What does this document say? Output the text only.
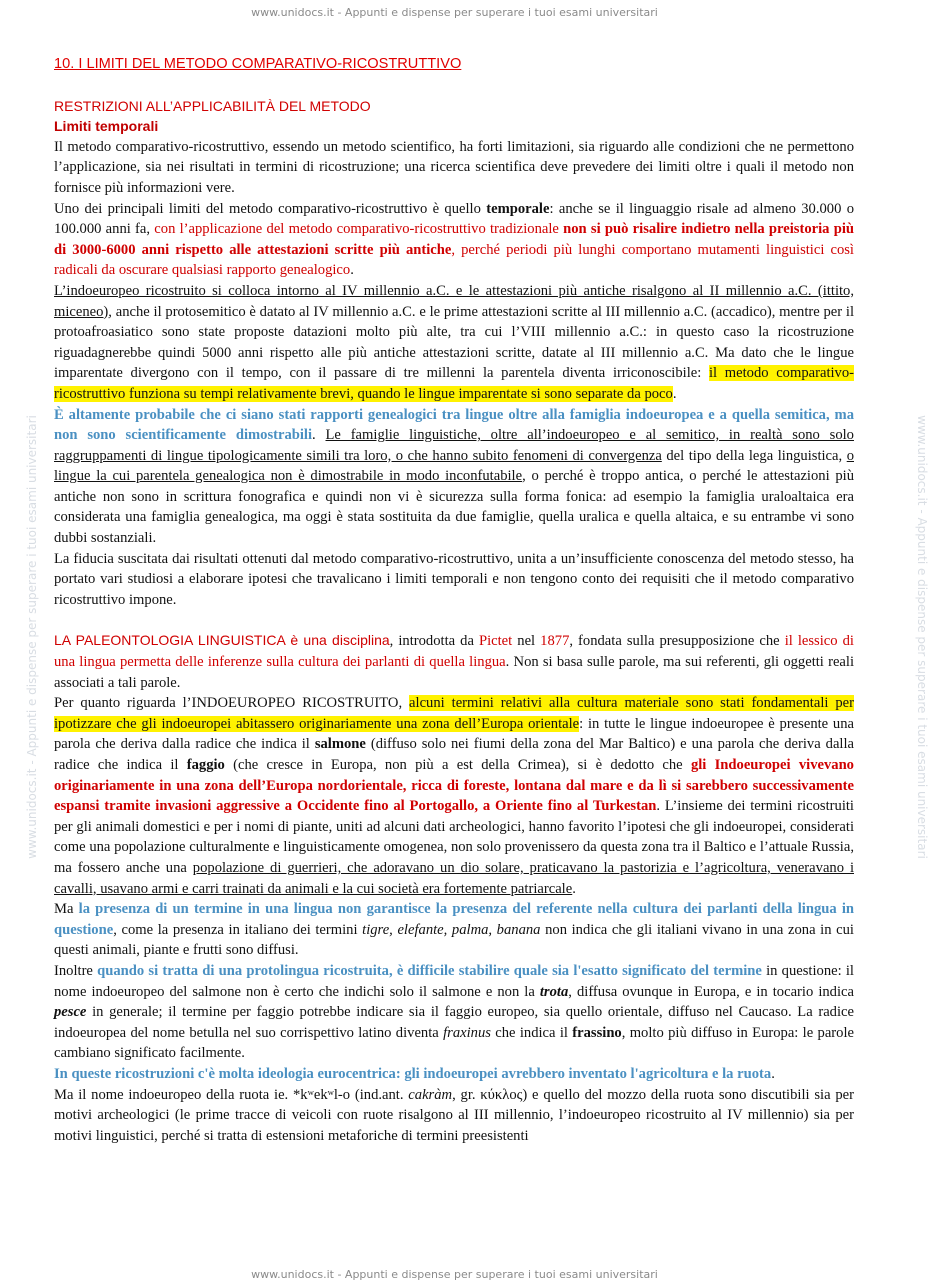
www.unidocs.it - Appunti e dispense per superare i tuoi esami universitari
www.unidocs.it - Appunti e dispense per superare i tuoi esami universitari
www.unidocs.it - Appunti e dispense per superare i tuoi esami universitari	www.unidocs.it - Appunti e dispense per superare i tuoi esami universitari

10. I LIMITI DEL METODO COMPARATIVO-RICOSTRUTTIVO

RESTRIZIONI ALL’APPLICABILITÀ DEL METODO

Limiti temporali

Il metodo comparativo-ricostruttivo, essendo un metodo scientifico, ha forti limitazioni, sia riguardo alle condizioni che ne permettono l’applicazione, sia nei risultati in termini di ricostruzione; una ricerca scientifica deve prevedere dei limiti oltre i quali il metodo non fornisce più informazioni vere.

Uno dei principali limiti del metodo comparativo-ricostruttivo è quello temporale: anche se il linguaggio risale ad almeno 30.000 o 100.000 anni fa, con l’applicazione del metodo comparativo-ricostruttivo tradizionale non si può risalire indietro nella preistoria più di 3000-6000 anni rispetto alle attestazioni scritte più antiche, perché periodi più lunghi comportano mutamenti linguistici così radicali da oscurare qualsiasi rapporto genealogico.

L’indoeuropeo ricostruito si colloca intorno al IV millennio a.C. e le attestazioni più antiche risalgono al II millennio a.C. (ittito, miceneo), anche il protosemitico è datato al IV millennio a.C. e le prime attestazioni scritte al III millennio a.C. (accadico), mentre per il protoafroasiatico sono state proposte datazioni molto più alte, tra cui l’VIII millennio a.C.: in questo caso la ricostruzione riguadagnerebbe quindi 5000 anni rispetto alle più antiche attestazioni scritte, datate al III millennio a.C. Ma dato che le lingue imparentate divergono con il tempo, con il passare di tre millenni la parentela diventa irriconoscibile: il metodo comparativo-ricostruttivo funziona su tempi relativamente brevi, quando le lingue imparentate si sono separate da poco.

È altamente probabile che ci siano stati rapporti genealogici tra lingue oltre alla famiglia indoeuropea e a quella semitica, ma non sono scientificamente dimostrabili. Le famiglie linguistiche, oltre all’indoeuropeo e al semitico, in realtà sono solo raggruppamenti di lingue tipologicamente simili tra loro, o che hanno subito fenomeni di convergenza del tipo della lega linguistica, o lingue la cui parentela genealogica non è dimostrabile in modo inconfutabile, o perché è troppo antica, o perché le attestazioni più antiche non sono in scrittura fonografica e quindi non vi è sicurezza sulla forma fonica: ad esempio la famiglia uraloaltaica era considerata una famiglia genealogica, ma oggi è stata sostituita da due famiglie, quella uralica e quella altaica, e su entrambe vi sono dubbi sostanziali.

La fiducia suscitata dai risultati ottenuti dal metodo comparativo-ricostruttivo, unita a un’insufficiente conoscenza del metodo stesso, ha portato vari studiosi a elaborare ipotesi che travalicano i limiti temporali e non tengono conto dei requisiti che il metodo comparativo ricostruttivo impone.

LA PALEONTOLOGIA LINGUISTICA è una disciplina, introdotta da Pictet nel 1877, fondata sulla presupposizione che il lessico di una lingua permetta delle inferenze sulla cultura dei parlanti di quella lingua. Non si basa sulle parole, ma sui referenti, gli oggetti reali associati a tali parole.

Per quanto riguarda l’INDOEUROPEO RICOSTRUITO, alcuni termini relativi alla cultura materiale sono stati fondamentali per ipotizzare che gli indoeuropei abitassero originariamente una zona dell’Europa orientale: in tutte le lingue indoeuropee è presente una parola che deriva dalla radice che indica il salmone (diffuso solo nei fiumi della zona del Mar Baltico) e una parola che deriva dalla radice che indica il faggio (che cresce in Europa, non più a est della Crimea), si è dedotto che gli Indoeuropei vivevano originariamente in una zona dell’Europa nordorientale, ricca di foreste, lontana dal mare e da lì si sarebbero successivamente espansi tramite invasioni aggressive a Occidente fino al Portogallo, a Oriente fino al Turkestan. L’insieme dei termini ricostruiti per gli animali domestici e per i nomi di piante, uniti ad alcuni dati archeologici, hanno favorito l’ipotesi che gli indoeuropei, considerati come una popolazione culturalmente e linguisticamente omogenea, non solo provenissero da questa zona tra il Baltico e l’attuale Russia, ma fossero anche una popolazione di guerrieri, che adoravano un dio solare, praticavano la pastorizia e l’agricoltura, veneravano i cavalli, usavano armi e carri trainati da animali e la cui società era fortemente patriarcale.

Ma la presenza di un termine in una lingua non garantisce la presenza del referente nella cultura dei parlanti della lingua in questione, come la presenza in italiano dei termini tigre, elefante, palma, banana non indica che gli italiani vivano in una zona in cui questi animali, piante e frutti sono diffusi.

Inoltre quando si tratta di una protolingua ricostruita, è difficile stabilire quale sia l'esatto significato del termine in questione: il nome indoeuropeo del salmone non è certo che indichi solo il salmone e non la trota, diffusa ovunque in Europa, e in tocario indica pesce in generale; il termine per faggio potrebbe indicare sia il faggio europeo, sia quello orientale, diffuso nel Caucaso. La radice indoeuropea del nome betulla nel suo corrispettivo latino diventa fraxinus che indica il frassino, molto più diffuso in Europa: le parole cambiano significato facilmente.

In queste ricostruzioni c'è molta ideologia eurocentrica: gli indoeuropei avrebbero inventato l'agricoltura e la ruota.

Ma il nome indoeuropeo della ruota ie. *kʷekʷl-o (ind.ant. cakràm, gr. κύκλος) e quello del mozzo della ruota sono discutibili sia per motivi archeologici (le prime tracce di veicoli con ruote risalgono al III millennio, l’indoeuropeo ricostruito al IV millennio) sia per motivi linguistici, perché si tratta di estensioni metaforiche di termini preesistenti
